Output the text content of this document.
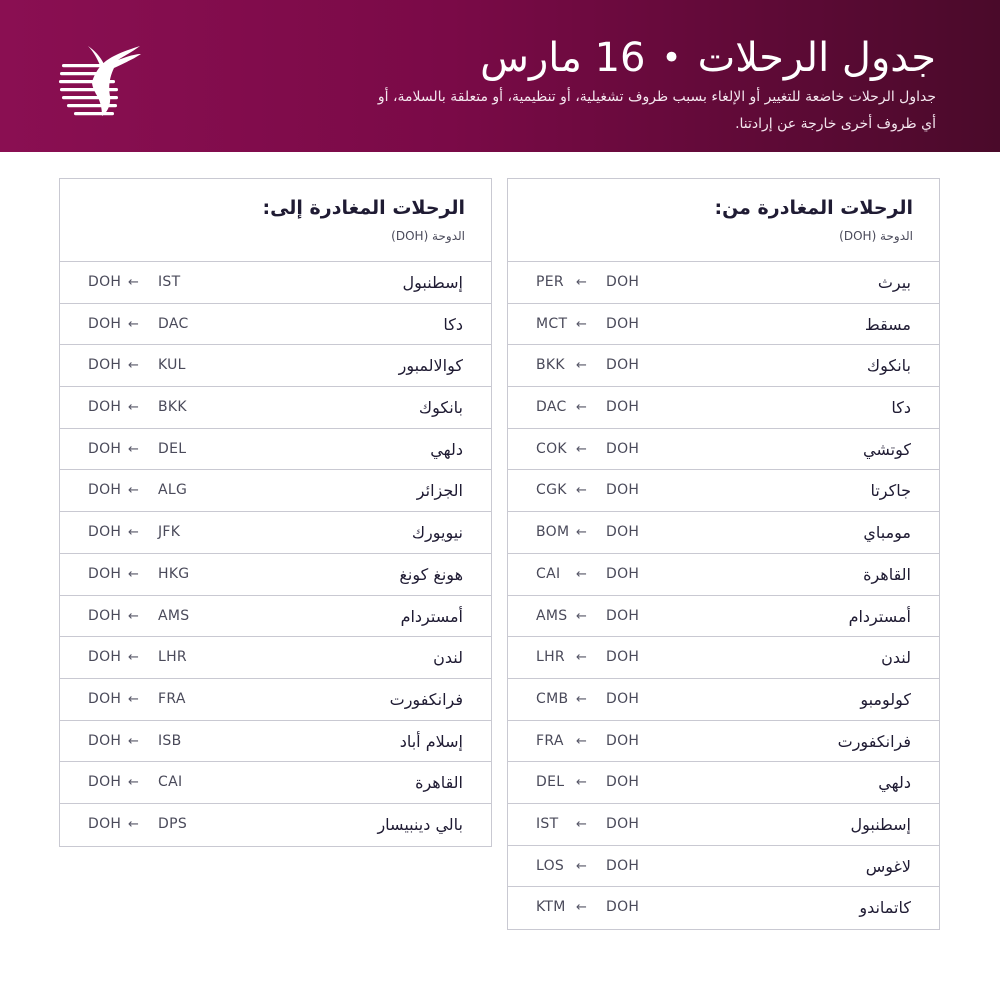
جدول الرحلات•16 مارس
جداول الرحلات خاضعة للتغيير أو الإلغاء بسبب ظروف تشغيلية، أو تنظيمية، أو متعلقة بالسلامة، أو أي ظروف أخرى خارجة عن إرادتنا.
الرحلات المغادرة من:
الدوحة (DOH)
PER ← DOH	بيرث
MCT ← DOH	مسقط
BKK ← DOH	بانكوك
DAC ← DOH	دكا
COK ← DOH	كوتشي
CGK ← DOH	جاكرتا
BOM ← DOH	مومباي
CAI ← DOH	القاهرة
AMS ← DOH	أمستردام
LHR ← DOH	لندن
CMB ← DOH	كولومبو
FRA ← DOH	فرانكفورت
DEL ← DOH	دلهي
IST ← DOH	إسطنبول
LOS ← DOH	لاغوس
KTM ← DOH	كاتماندو
الرحلات المغادرة إلى:
الدوحة (DOH)
DOH ← IST	إسطنبول
DOH ← DAC	دكا
DOH ← KUL	كوالالمبور
DOH ← BKK	بانكوك
DOH ← DEL	دلهي
DOH ← ALG	الجزائر
DOH ← JFK	نيويورك
DOH ← HKG	هونغ كونغ
DOH ← AMS	أمستردام
DOH ← LHR	لندن
DOH ← FRA	فرانكفورت
DOH ← ISB	إسلام أباد
DOH ← CAI	القاهرة
DOH ← DPS	بالي دينبيسار
